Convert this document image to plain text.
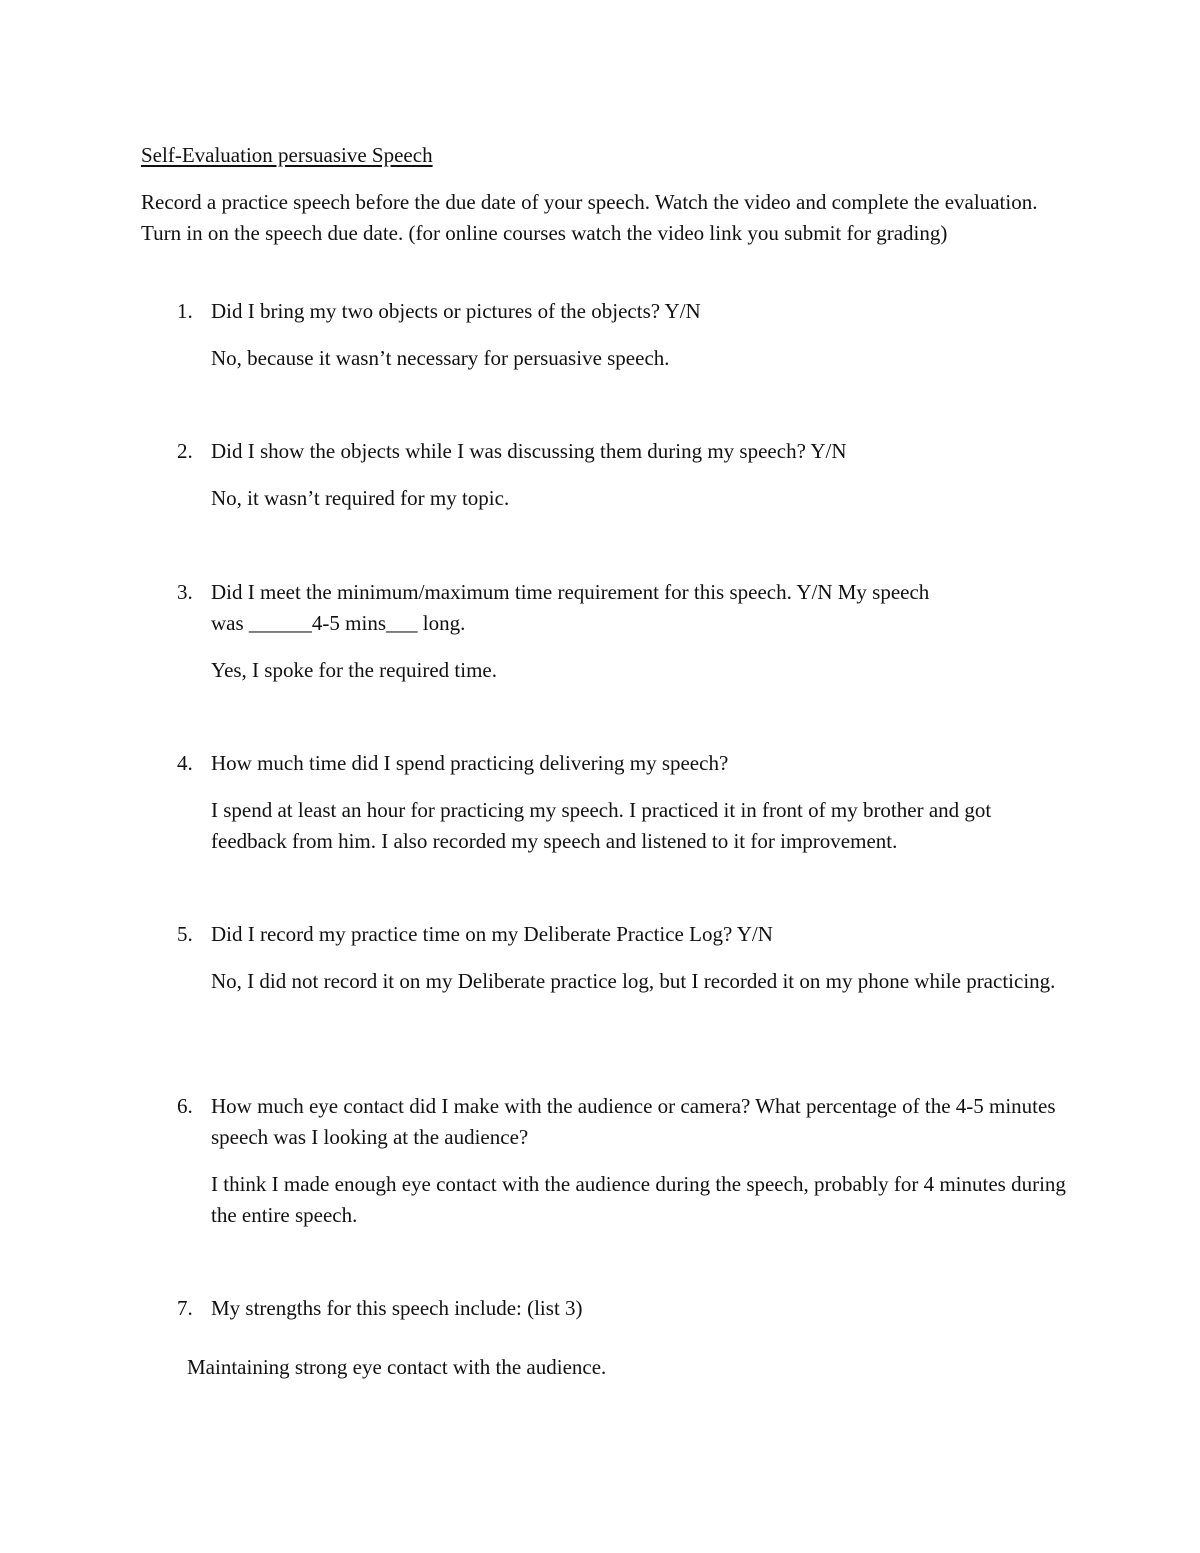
Self-Evaluation persuasive Speech
Record a practice speech before the due date of your speech. Watch the video and complete the evaluation. Turn in on the speech due date. (for online courses watch the video link you submit for grading)
1. Did I bring my two objects or pictures of the objects? Y/N
No, because it wasn’t necessary for persuasive speech.
2. Did I show the objects while I was discussing them during my speech? Y/N
No, it wasn’t required for my topic.
3. Did I meet the minimum/maximum time requirement for this speech. Y/N My speech was ______4-5 mins___ long.
Yes, I spoke for the required time.
4. How much time did I spend practicing delivering my speech?
I spend at least an hour for practicing my speech. I practiced it in front of my brother and got feedback from him. I also recorded my speech and listened to it for improvement.
5. Did I record my practice time on my Deliberate Practice Log? Y/N
No, I did not record it on my Deliberate practice log, but I recorded it on my phone while practicing.
6. How much eye contact did I make with the audience or camera? What percentage of the 4-5 minutes speech was I looking at the audience?
I think I made enough eye contact with the audience during the speech, probably for 4 minutes during the entire speech.
7. My strengths for this speech include: (list 3)
Maintaining strong eye contact with the audience.
